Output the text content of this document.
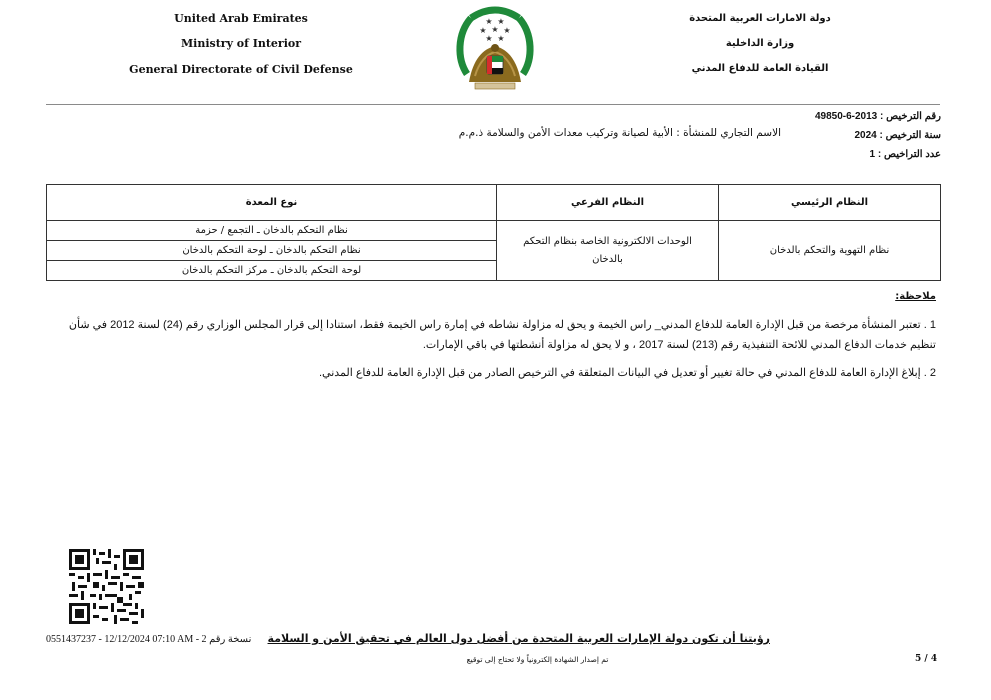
United Arab Emirates
Ministry of Interior
General Directorate of Civil Defense
دولة الامارات العربية المتحدة
وزارة الداخلية
القيادة العامة للدفاع المدني
★ ★
★ ★ ★
★ ★
رقم الترخيص : 49850-6-2013
سنة الترخيص : 2024
عدد التراخيص : 1
الاسم التجاري للمنشأة : الأبية لصيانة وتركيب معدات الأمن والسلامة ذ.م.م
النظام الرئيسي	النظام الفرعي	نوع المعدة
نظام التهوية والتحكم بالدخان	الوحدات الالكترونية الخاصة بنظام التحكم بالدخان	نظام التحكم بالدخان ـ التجمع / حزمة
		نظام التحكم بالدخان ـ لوحة التحكم بالدخان
		لوحة التحكم بالدخان ـ مركز التحكم بالدخان
ملاحظة:
1 . تعتبر المنشأة مرخصة من قبل الإدارة العامة للدفاع المدني_ راس الخيمة و يحق له مزاولة نشاطه في إمارة راس الخيمة فقط، استنادا إلى قرار المجلس الوزاري رقم (24) لسنة 2012 في شأن تنظيم خدمات الدفاع المدني للائحة التنفيذية رقم (213) لسنة 2017 ، و لا يحق له مزاولة أنشطتها في باقي الإمارات.
2 . إبلاغ الإدارة العامة للدفاع المدني في حالة تغيير أو تعديل في البيانات المتعلقة في الترخيص الصادر من قبل الإدارة العامة للدفاع المدني.
0551437237 - 12/12/2024 07:10 AM - 2 نسخة رقم رؤيتنا أن تكون دولة الإمارات العربية المتحدة من أفضل دول العالم في تحقيق الأمن و السلامة
تم إصدار الشهادة إلكترونياً ولا تحتاج إلى توقيع	5 / 4
